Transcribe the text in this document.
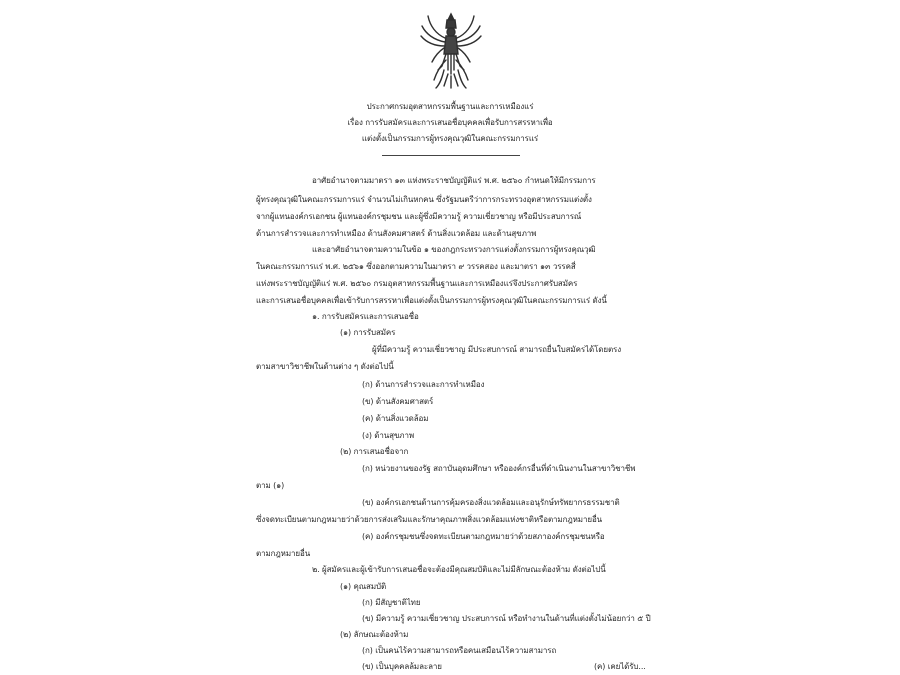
ประกาศกรมอุตสาหกรรมพื้นฐานและการเหมืองแร่
เรื่อง การรับสมัครและการเสนอชื่อบุคคลเพื่อรับการสรรหาเพื่อ
แต่งตั้งเป็นกรรมการผู้ทรงคุณวุฒิในคณะกรรมการแร่
อาศัยอำนาจตามมาตรา ๑๓ แห่งพระราชบัญญัติแร่ พ.ศ. ๒๕๖๐ กำหนดให้มีกรรมการ
ผู้ทรงคุณวุฒิในคณะกรรมการแร่ จำนวนไม่เกินหกคน ซึ่งรัฐมนตรีว่าการกระทรวงอุตสาหกรรมแต่งตั้ง
จากผู้แทนองค์กรเอกชน ผู้แทนองค์กรชุมชน และผู้ซึ่งมีความรู้ ความเชี่ยวชาญ หรือมีประสบการณ์
ด้านการสำรวจและการทำเหมือง ด้านสังคมศาสตร์ ด้านสิ่งแวดล้อม และด้านสุขภาพ
และอาศัยอำนาจตามความในข้อ ๑ ของกฎกระทรวงการแต่งตั้งกรรมการผู้ทรงคุณวุฒิ
ในคณะกรรมการแร่ พ.ศ. ๒๕๖๑ ซึ่งออกตามความในมาตรา ๙ วรรคสอง และมาตรา ๑๓ วรรคสี่
แห่งพระราชบัญญัติแร่ พ.ศ. ๒๕๖๐ กรมอุตสาหกรรมพื้นฐานและการเหมืองแร่จึงประกาศรับสมัคร
และการเสนอชื่อบุคคลเพื่อเข้ารับการสรรหาเพื่อแต่งตั้งเป็นกรรมการผู้ทรงคุณวุฒิในคณะกรรมการแร่ ดังนี้
๑. การรับสมัครและการเสนอชื่อ
(๑) การรับสมัคร
ผู้ที่มีความรู้ ความเชี่ยวชาญ มีประสบการณ์ สามารถยื่นใบสมัครได้โดยตรง
ตามสาขาวิชาชีพในด้านต่าง ๆ ดังต่อไปนี้
(ก) ด้านการสำรวจและการทำเหมือง
(ข) ด้านสังคมศาสตร์
(ค) ด้านสิ่งแวดล้อม
(ง) ด้านสุขภาพ
(๒) การเสนอชื่อจาก
(ก) หน่วยงานของรัฐ สถาบันอุดมศึกษา หรือองค์กรอื่นที่ดำเนินงานในสาขาวิชาชีพ
ตาม (๑)
(ข) องค์กรเอกชนด้านการคุ้มครองสิ่งแวดล้อมและอนุรักษ์ทรัพยากรธรรมชาติ
ซึ่งจดทะเบียนตามกฎหมายว่าด้วยการส่งเสริมและรักษาคุณภาพสิ่งแวดล้อมแห่งชาติหรือตามกฎหมายอื่น
(ค) องค์กรชุมชนซึ่งจดทะเบียนตามกฎหมายว่าด้วยสภาองค์กรชุมชนหรือ
ตามกฎหมายอื่น
๒. ผู้สมัครและผู้เข้ารับการเสนอชื่อจะต้องมีคุณสมบัติและไม่มีลักษณะต้องห้าม ดังต่อไปนี้
(๑) คุณสมบัติ
(ก) มีสัญชาติไทย
(ข) มีความรู้ ความเชี่ยวชาญ ประสบการณ์ หรือทำงานในด้านที่แต่งตั้งไม่น้อยกว่า ๕ ปี
(๒) ลักษณะต้องห้าม
(ก) เป็นคนไร้ความสามารถหรือคนเสมือนไร้ความสามารถ
(ข) เป็นบุคคลล้มละลาย	(ค) เคยได้รับ...
